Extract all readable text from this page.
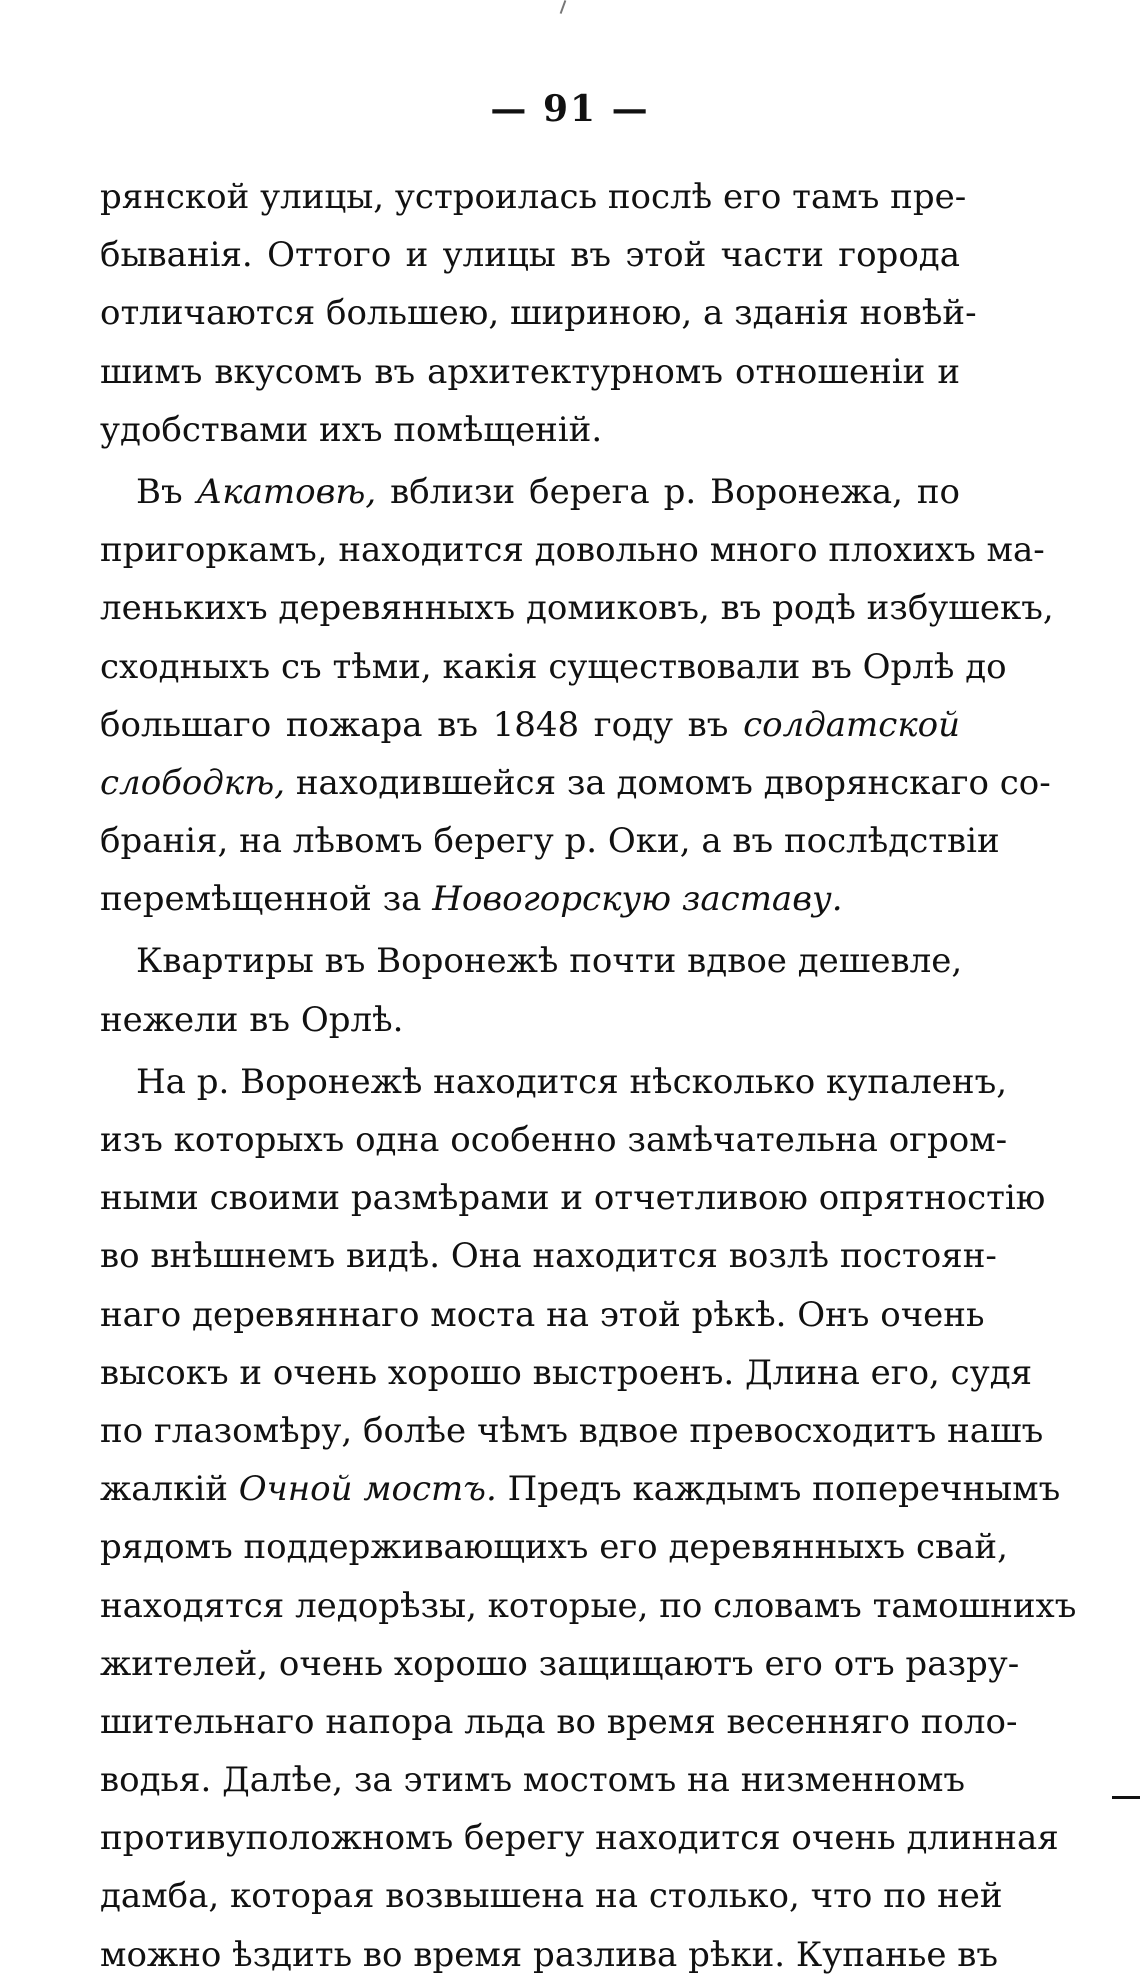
— 91 —
рянской улицы, устроилась послѣ его тамъ пре-
быванія. Оттого и улицы въ этой части города
отличаются большею, шириною, а зданія новѣй-
шимъ вкусомъ въ архитектурномъ отношеніи и
удобствами ихъ помѣщеній.
Въ Акатовѣ, вблизи берега р. Воронежа, по
пригоркамъ, находится довольно много плохихъ ма-
ленькихъ деревянныхъ домиковъ, въ родѣ избушекъ,
сходныхъ съ тѣми, какія существовали въ Орлѣ до
большаго пожара въ 1848 году въ солдатской
слободкѣ, находившейся за домомъ дворянскаго со-
бранія, на лѣвомъ берегу р. Оки, а въ послѣдствіи
перемѣщенной за Новогорскую заставу.
Квартиры въ Воронежѣ почти вдвое дешевле,
нежели въ Орлѣ.
На р. Воронежѣ находится нѣсколько купаленъ,
изъ которыхъ одна особенно замѣчательна огром-
ными своими размѣрами и отчетливою опрятностію
во внѣшнемъ видѣ. Она находится возлѣ постоян-
наго деревяннаго моста на этой рѣкѣ. Онъ очень
высокъ и очень хорошо выстроенъ. Длина его, судя
по глазомѣру, болѣе чѣмъ вдвое превосходитъ нашъ
жалкій Очной мостъ. Предъ каждымъ поперечнымъ
рядомъ поддерживающихъ его деревянныхъ свай,
находятся ледорѣзы, которые, по словамъ тамошнихъ
жителей, очень хорошо защищаютъ его отъ разру-
шительнаго напора льда во время весенняго поло-
водья. Далѣе, за этимъ мостомъ на низменномъ
противуположномъ берегу находится очень длинная
дамба, которая возвышена на столько, что по ней
можно ѣздить во время разлива рѣки. Купанье въ
